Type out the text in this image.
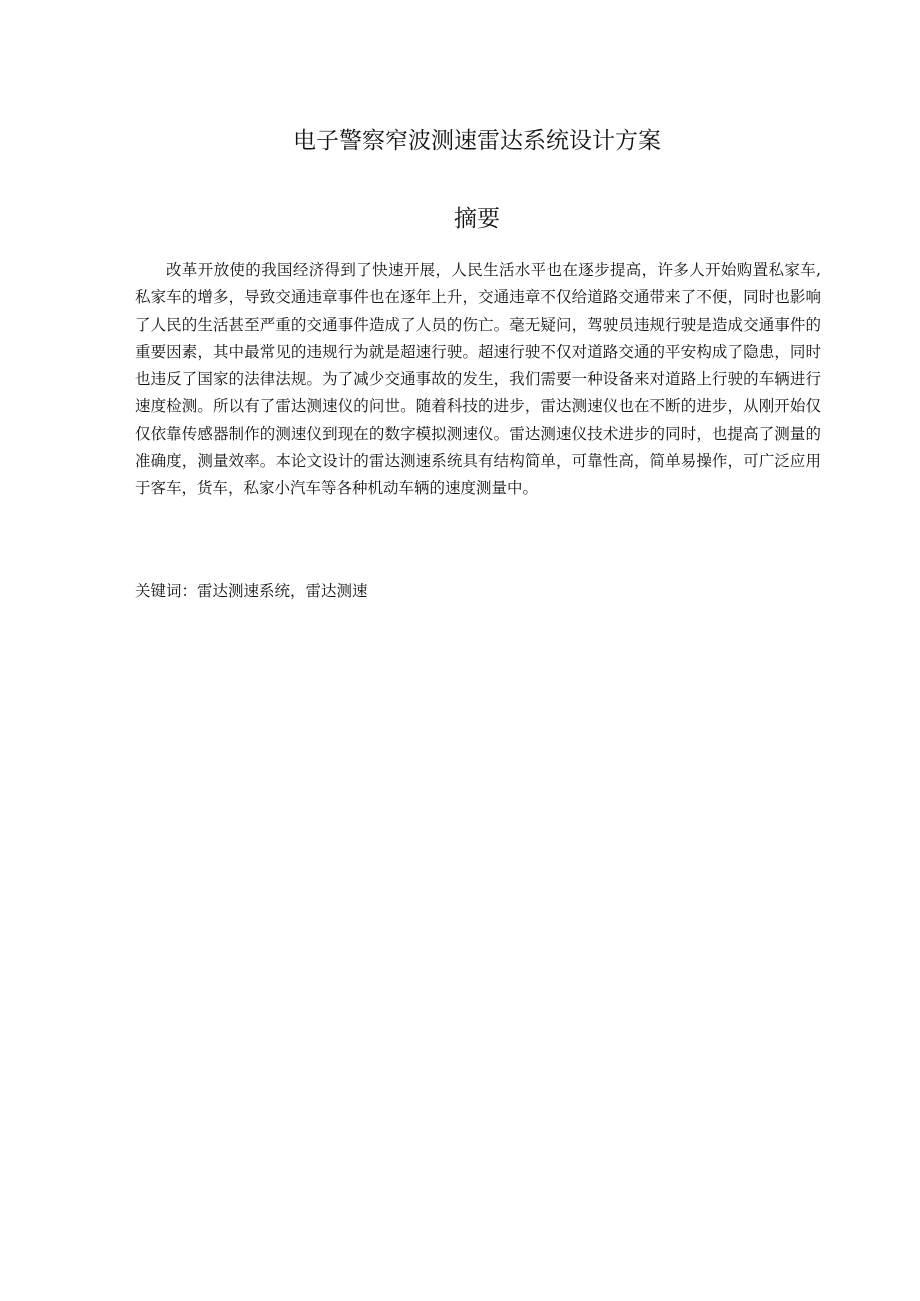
电子警察窄波测速雷达系统设计方案
摘要

改革开放使的我国经济得到了快速开展，人民生活水平也在逐步提高，许多人开始购置私家车,私家车的增多，导致交通违章事件也在逐年上升，交通违章不仅给道路交通带来了不便，同时也影响了人民的生活甚至严重的交通事件造成了人员的伤亡。毫无疑问，驾驶员违规行驶是造成交通事件的重要因素，其中最常见的违规行为就是超速行驶。超速行驶不仅对道路交通的平安构成了隐患，同时也违反了国家的法律法规。为了减少交通事故的发生，我们需要一种设备来对道路上行驶的车辆进行速度检测。所以有了雷达测速仪的问世。随着科技的进步，雷达测速仪也在不断的进步，从刚开始仅仅依靠传感器制作的测速仪到现在的数字模拟测速仪。雷达测速仪技术进步的同时，也提高了测量的准确度，测量效率。本论文设计的雷达测速系统具有结构简单，可靠性高，简单易操作，可广泛应用于客车，货车，私家小汽车等各种机动车辆的速度测量中。

关键词：雷达测速系统，雷达测速
